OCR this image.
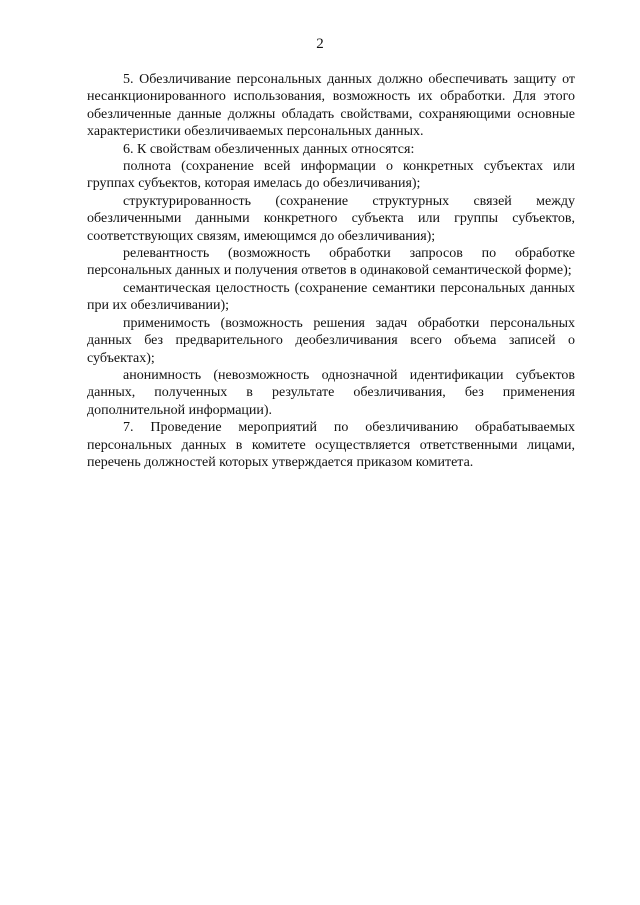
2

5. Обезличивание персональных данных должно обеспечивать защиту от несанкционированного использования, возможность их обработки. Для этого обезличенные данные должны обладать свойствами, сохраняющими основные характеристики обезличиваемых персональных данных.

6. К свойствам обезличенных данных относятся:

полнота (сохранение всей информации о конкретных субъектах или группах субъектов, которая имелась до обезличивания);

структурированность (сохранение структурных связей между обезличенными данными конкретного субъекта или группы субъектов, соответствующих связям, имеющимся до обезличивания);

релевантность (возможность обработки запросов по обработке персональных данных и получения ответов в одинаковой семантической форме);

семантическая целостность (сохранение семантики персональных данных при их обезличивании);

применимость (возможность решения задач обработки персональных данных без предварительного деобезличивания всего объема записей о субъектах);

анонимность (невозможность однозначной идентификации субъектов данных, полученных в результате обезличивания, без применения дополнительной информации).

7. Проведение мероприятий по обезличиванию обрабатываемых персональных данных в комитете осуществляется ответственными лицами, перечень должностей которых утверждается приказом комитета.
